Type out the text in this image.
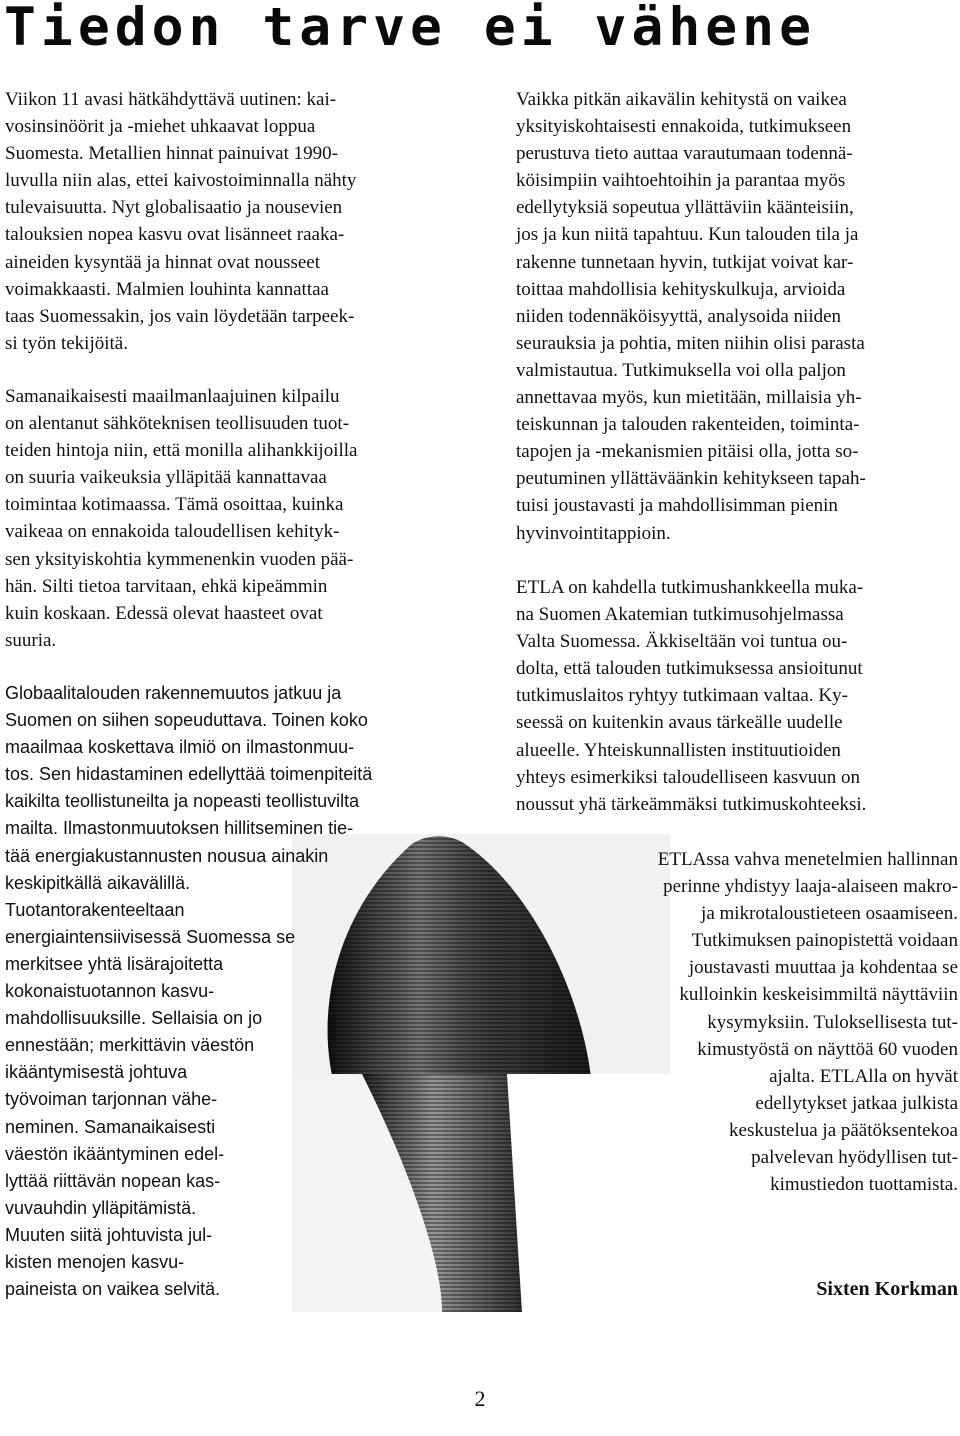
Tiedon tarve ei vähene
Viikon 11 avasi hätkähdyttävä uutinen: kai-
vosinsinöörit ja -miehet uhkaavat loppua
Suomesta. Metallien hinnat painuivat 1990-
luvulla niin alas, ettei kaivostoiminnalla nähty
tulevaisuutta. Nyt globalisaatio ja nousevien
talouksien nopea kasvu ovat lisänneet raaka-
aineiden kysyntää ja hinnat ovat nousseet
voimakkaasti. Malmien louhinta kannattaa
taas Suomessakin, jos vain löydetään tarpeek-
si työn tekijöitä.
Samanaikaisesti maailmanlaajuinen kilpailu
on alentanut sähköteknisen teollisuuden tuot-
teiden hintoja niin, että monilla alihankkijoilla
on suuria vaikeuksia ylläpitää kannattavaa
toimintaa kotimaassa. Tämä osoittaa, kuinka
vaikeaa on ennakoida taloudellisen kehityk-
sen yksityiskohtia kymmenenkin vuoden pää-
hän. Silti tietoa tarvitaan, ehkä kipeämmin
kuin koskaan. Edessä olevat haasteet ovat
suuria.
Globaalitalouden rakennemuutos jatkuu ja
Suomen on siihen sopeuduttava. Toinen koko
maailmaa koskettava ilmiö on ilmastonmuu-
tos. Sen hidastaminen edellyttää toimenpiteitä
kaikilta teollistuneilta ja nopeasti teollistuvilta
mailta. Ilmastonmuutoksen hillitseminen tie-
tää energiakustannusten nousua ainakin
keskipitkällä aikavälillä.
Tuotantorakenteeltaan
energiaintensiivisessä Suomessa se
merkitsee yhtä lisärajoitetta
kokonaistuotannon kasvu-
mahdollisuuksille. Sellaisia on jo
ennestään; merkittävin väestön
ikääntymisestä johtuva
työvoiman tarjonnan vähe-
neminen. Samanaikaisesti
väestön ikääntyminen edel-
lyttää riittävän nopean kas-
vuvauhdin ylläpitämistä.
Muuten siitä johtuvista jul-
kisten menojen kasvu-
paineista on vaikea selvitä.
Vaikka pitkän aikavälin kehitystä on vaikea
yksityiskohtaisesti ennakoida, tutkimukseen
perustuva tieto auttaa varautumaan todennä-
köisimpiin vaihtoehtoihin ja parantaa myös
edellytyksiä sopeutua yllättäviin käänteisiin,
jos ja kun niitä tapahtuu. Kun talouden tila ja
rakenne tunnetaan hyvin, tutkijat voivat kar-
toittaa mahdollisia kehityskulkuja, arvioida
niiden todennäköisyyttä, analysoida niiden
seurauksia ja pohtia, miten niihin olisi parasta
valmistautua. Tutkimuksella voi olla paljon
annettavaa myös, kun mietitään, millaisia yh-
teiskunnan ja talouden rakenteiden, toiminta-
tapojen ja -mekanismien pitäisi olla, jotta so-
peutuminen yllättäväänkin kehitykseen tapah-
tuisi joustavasti ja mahdollisimman pienin
hyvinvointitappioin.
ETLA on kahdella tutkimushankkeella muka-
na Suomen Akatemian tutkimusohjelmassa
Valta Suomessa. Äkkiseltään voi tuntua ou-
dolta, että talouden tutkimuksessa ansioitunut
tutkimuslaitos ryhtyy tutkimaan valtaa. Ky-
seessä on kuitenkin avaus tärkeälle uudelle
alueelle. Yhteiskunnallisten instituutioiden
yhteys esimerkiksi taloudelliseen kasvuun on
noussut yhä tärkeämmäksi tutkimuskohteeksi.
ETLAssa vahva menetelmien hallinnan
perinne yhdistyy laaja-alaiseen makro-
ja mikrotaloustieteen osaamiseen.
Tutkimuksen painopistettä voidaan
joustavasti muuttaa ja kohdentaa se
kulloinkin keskeisimmiltä näyttäviin
kysymyksiin. Tuloksellisesta tut-
kimustyöstä on näyttöä 60 vuoden
ajalta. ETLAlla on hyvät
edellytykset jatkaa julkista
keskustelua ja päätöksentekoa
palvelevan hyödyllisen tut-
kimustiedon tuottamista.

Sixten Korkman

2
